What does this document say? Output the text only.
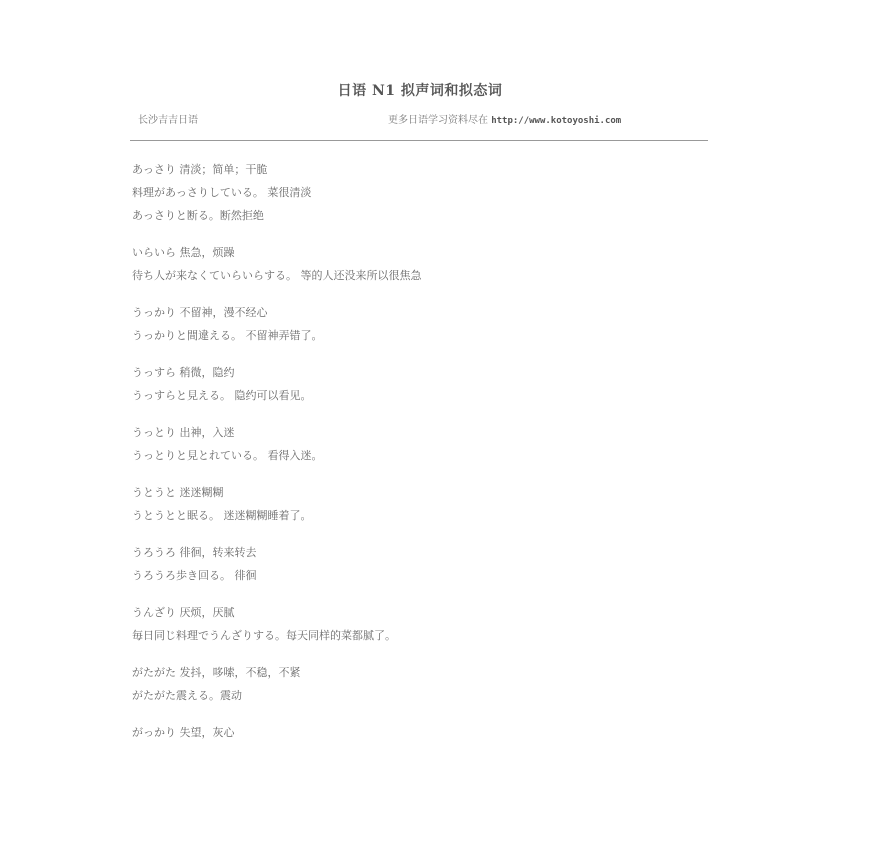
日语 N1 拟声词和拟态词
长沙吉吉日语	更多日语学习资料尽在 http://www.kotoyoshi.com
あっさり 清淡；简单；干脆
料理があっさりしている。 菜很清淡
あっさりと断る。断然拒绝
いらいら 焦急，烦躁
待ち人が来なくていらいらする。 等的人还没来所以很焦急
うっかり 不留神，漫不经心
うっかりと間違える。 不留神弄错了。
うっすら 稍微，隐约
うっすらと見える。 隐约可以看见。
うっとり 出神，入迷
うっとりと見とれている。 看得入迷。
うとうと 迷迷糊糊
うとうとと眠る。 迷迷糊糊睡着了。
うろうろ 徘徊，转来转去
うろうろ歩き回る。 徘徊
うんざり 厌烦，厌腻
毎日同じ料理でうんざりする。每天同样的菜都腻了。
がたがた 发抖，哆嗦，不稳，不紧
がたがた震える。震动
がっかり 失望，灰心
